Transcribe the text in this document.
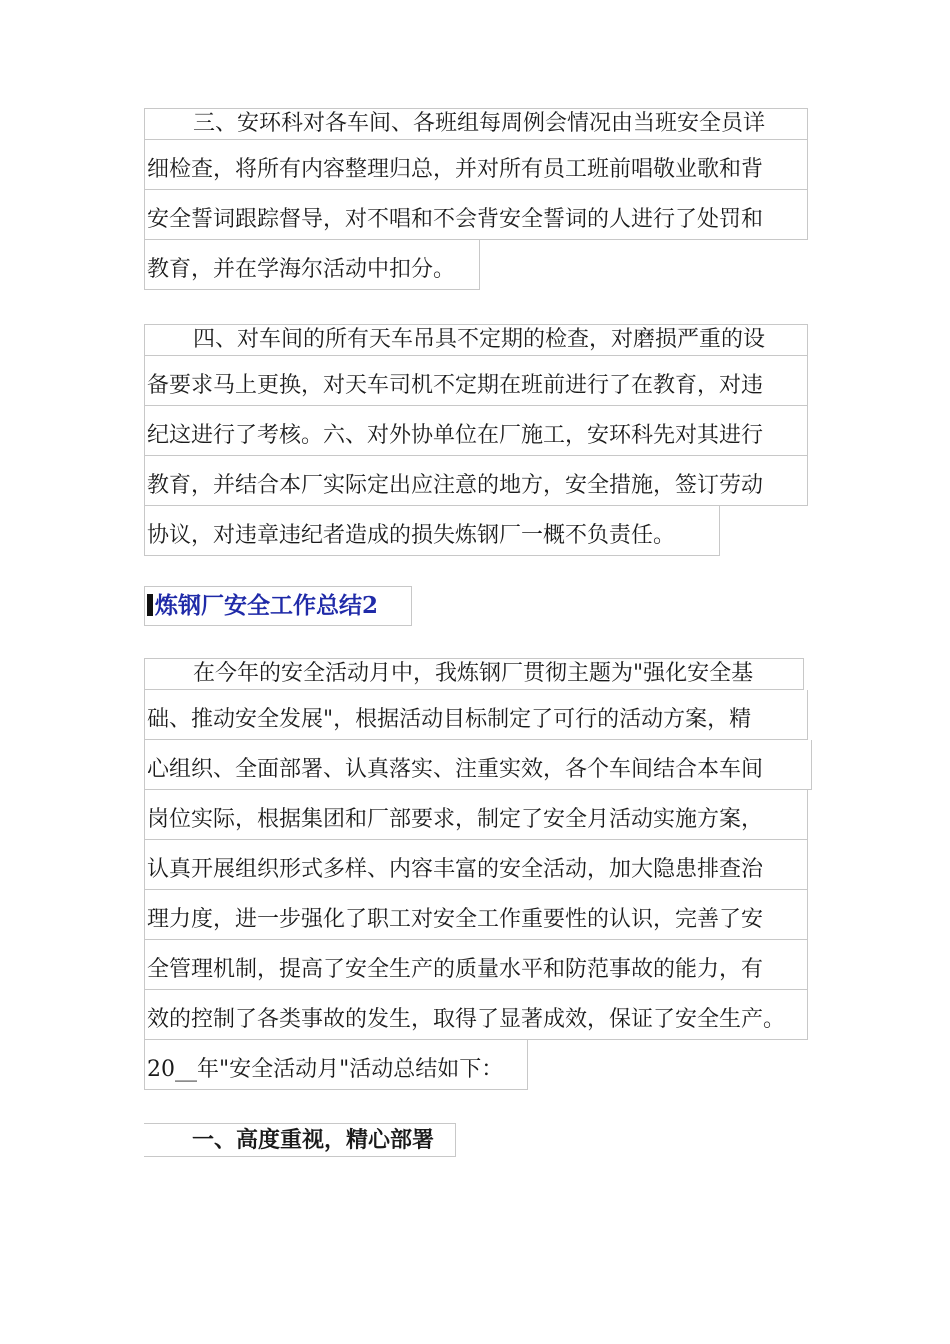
三、安环科对各车间、各班组每周例会情况由当班安全员详
细检查，将所有内容整理归总，并对所有员工班前唱敬业歌和背
安全誓词跟踪督导，对不唱和不会背安全誓词的人进行了处罚和
教育，并在学海尔活动中扣分。
四、对车间的所有天车吊具不定期的检查，对磨损严重的设
备要求马上更换，对天车司机不定期在班前进行了在教育，对违
纪这进行了考核。六、对外协单位在厂施工，安环科先对其进行
教育，并结合本厂实际定出应注意的地方，安全措施，签订劳动
协议，对违章违纪者造成的损失炼钢厂一概不负责任。
炼钢厂安全工作总结2
在今年的安全活动月中，我炼钢厂贯彻主题为"强化安全基
础、推动安全发展"，根据活动目标制定了可行的活动方案，精
心组织、全面部署、认真落实、注重实效，各个车间结合本车间
岗位实际，根据集团和厂部要求，制定了安全月活动实施方案，
认真开展组织形式多样、内容丰富的安全活动，加大隐患排查治
理力度，进一步强化了职工对安全工作重要性的认识，完善了安
全管理机制，提高了安全生产的质量水平和防范事故的能力，有
效的控制了各类事故的发生，取得了显著成效，保证了安全生产。
20__年"安全活动月"活动总结如下：
一、高度重视，精心部署
